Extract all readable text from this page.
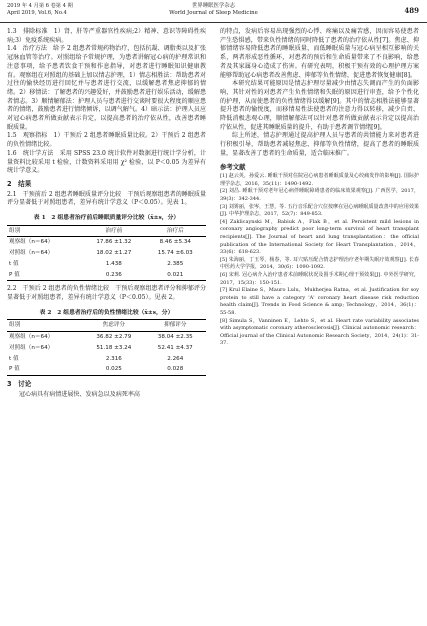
2019 年 4 月第 6 卷第 4 期
April 2019, Vol.6, No.4
世界睡眠医学杂志
World Journal of Sleep Medicine	489

1.3　排除标准　1）肾、肝等严重器官性疾病;2）精神、意识等障碍性疾病;3）免疫系统疾病。

1.4　治疗方法　给予 2 组患者常规药物治疗，包括抗凝、调脂类以及扩张冠脉血管等治疗。对照组给予常规护理，为患者讲解冠心病的护理常识和注意事项，给予患者饮食干预和作息指导，对患者进行睡眠知识健康教育。观察组在对照组的基础上加以情志护理，1）情志相胜法：帮助患者对过往的愉快经历进行回忆并与患者进行交流，以缓解患者焦虑抑郁的情绪。2）移情法：了解患者的兴趣爱好，并鼓励患者进行娱乐活动，缓解患者情志。3）顺情解郁法：护理人员与患者进行交谈时要很大程度的顺应患者的情绪，鼓励患者进行情绪倾诉，以调气解气。4）暗示法：护理人员应对冠心病患者所做贡献表示肯定，以提高患者的治疗依从性，改善患者睡眠质量。

1.5　观察指标　1）干预后 2 组患者睡眠质量比较。2）干预后 2 组患者的负性情绪比较。

1.6　统计学方法　采用 SPSS 23.0 统计软件对数据进行统计学分析，计量资料比较采用 t 检验，计数资料采用用 χ² 检验，以 P＜0.05 为差异有统计学意义。

2　结果

2.1　干预前后 2 组患者睡眠质量评分比较　干预后观察组患者的睡眠质量评分显著低于对照组患者，差异有统计学意义（P＜0.05）。见表 1。

表 1　2 组患者治疗前后睡眠质量评分比较（x̄±s，分）
组别	治疗前	治疗后
观察组（n＝64）	17.86 ±1.32	8.46 ±5.34
对照组（n＝64）	18.02 ±1.27	15.74 ±6.03
t 值	1.438	2.385
P 值	0.236	0.021

2.2　干预后 2 组患者的负性情绪比较　干预后观察组患者评分和抑郁评分显著低于对照组患者，差异有统计学意义（P＜0.05）。见表 2。

表 2　2 组患者治疗后的负性情绪比较（x̄±s，分）
组别	焦虑评分	抑郁评分
观察组（n＝64）	36.82 ±2.79	38.04 ±2.35
对照组（n＝64）	51.18 ±3.24	52.41 ±4.37
t 值	2.316	2.264
P 值	0.025	0.028
3　讨论

冠心病具有病情进展快、发病急以及病死率高

的特点，发病后容易出现强烈的心悸、疼痛以及痛苦感，因而容易使患者产生恐惧感，带来负性情绪的同时降低了患者的治疗依从性[7]。焦虑、抑郁情绪容易降低患者的睡眠质量，而低睡眠质量与冠心病呈相互影响的关系，两者形成恶性循环，对患者的预后和生命质量带来了不良影响，给患者及其家属身心造成了伤害。有研究表明，积极干预有效的心理护理方案能够帮助冠心病患者改善焦虑、抑郁等负性情绪，促进患者恢复健康[8]。

本研究结果可能原因是情志护理尽量减少由情志失调而产生的负面影响，其针对性的对患者产生负性情绪和失眠的原因进行审查，给予个性化的护理，从而使患者的负性情绪得以缓解[9]。其中的情志相胜法能够显著提升患者的愉悦度，而移情易性法使患者的注意力得以转移，减少自责、降低消极悲观心理，顺情解郁法可以针对患者所做贡献表示肯定以提高治疗依从性，促进其睡眠质量的提升，有助于患者调节情绪[9]。

综上所述，情志护理通过提高护理人员与患者的共情能力来对患者进行积极引导，帮助患者减轻焦虑、抑郁等负性情绪，提高了患者的睡眠质量，显著改善了患者的生命质量，适合临床推广。

参考文献

[1] 赵云英，孙爱云. 睡眠干预对住院冠心病患者睡眠质量及心绞痛发作的影响[J]. 国际护理学杂志，2016，35(11)：1490-1492.

[2] 刘昌. 睡眠干预对老年冠心病伴睡眠障碍患者的临床效果观察[J]. 广西医学，2017，39(3)：342-344.

[3] 刘雾丽，张岑，王慧，等. 五行音乐配合穴位按摩在冠心病睡眠质量改善中的应用效果[J]. 中华护理杂志，2017，52(7)：849-853.

[4] Zaklicaynski M，Babiuk A，Flak B，et al. Persistent mild lesions in coronary angiography predict poor long-term survival of heart transplant recipients[J]. The Journal of heart and lung transplantation：the official publication of the International Society for Heart Transplantation，2014，33(6)：618-623.

[5] 朱海丽，丁玉琴，杨春，等. 耳穴贴压配合情志护理治疗老年期失眠疗效观察[J]. 长春中医药大学学报，2014，30(6)：1090-1092.

[6] 宋莉. 冠心病介入治疗患者术前睡眠状况及围手术期心理干预效果[J]. 中外医学研究，2017，15(33)：150-151.

[7] Krul Elaine S，Mauro Lulu，Mukherjea Ratna，et al. Justification for soy protein to still have a category 'A' coronary heart disease risk reduction health claim[J]. Trends in Food Science & amp; Technology，2014，36(1)：55-58.

[8] Simula S，Vanninen E，Lehto S，et al. Heart rate variability associates with asymptomatic coronary atherosclerosis[J]. Clinical autonomic research：Official journal of the Clinical Autonomic Research Society，2014，24(1)：31-37.
